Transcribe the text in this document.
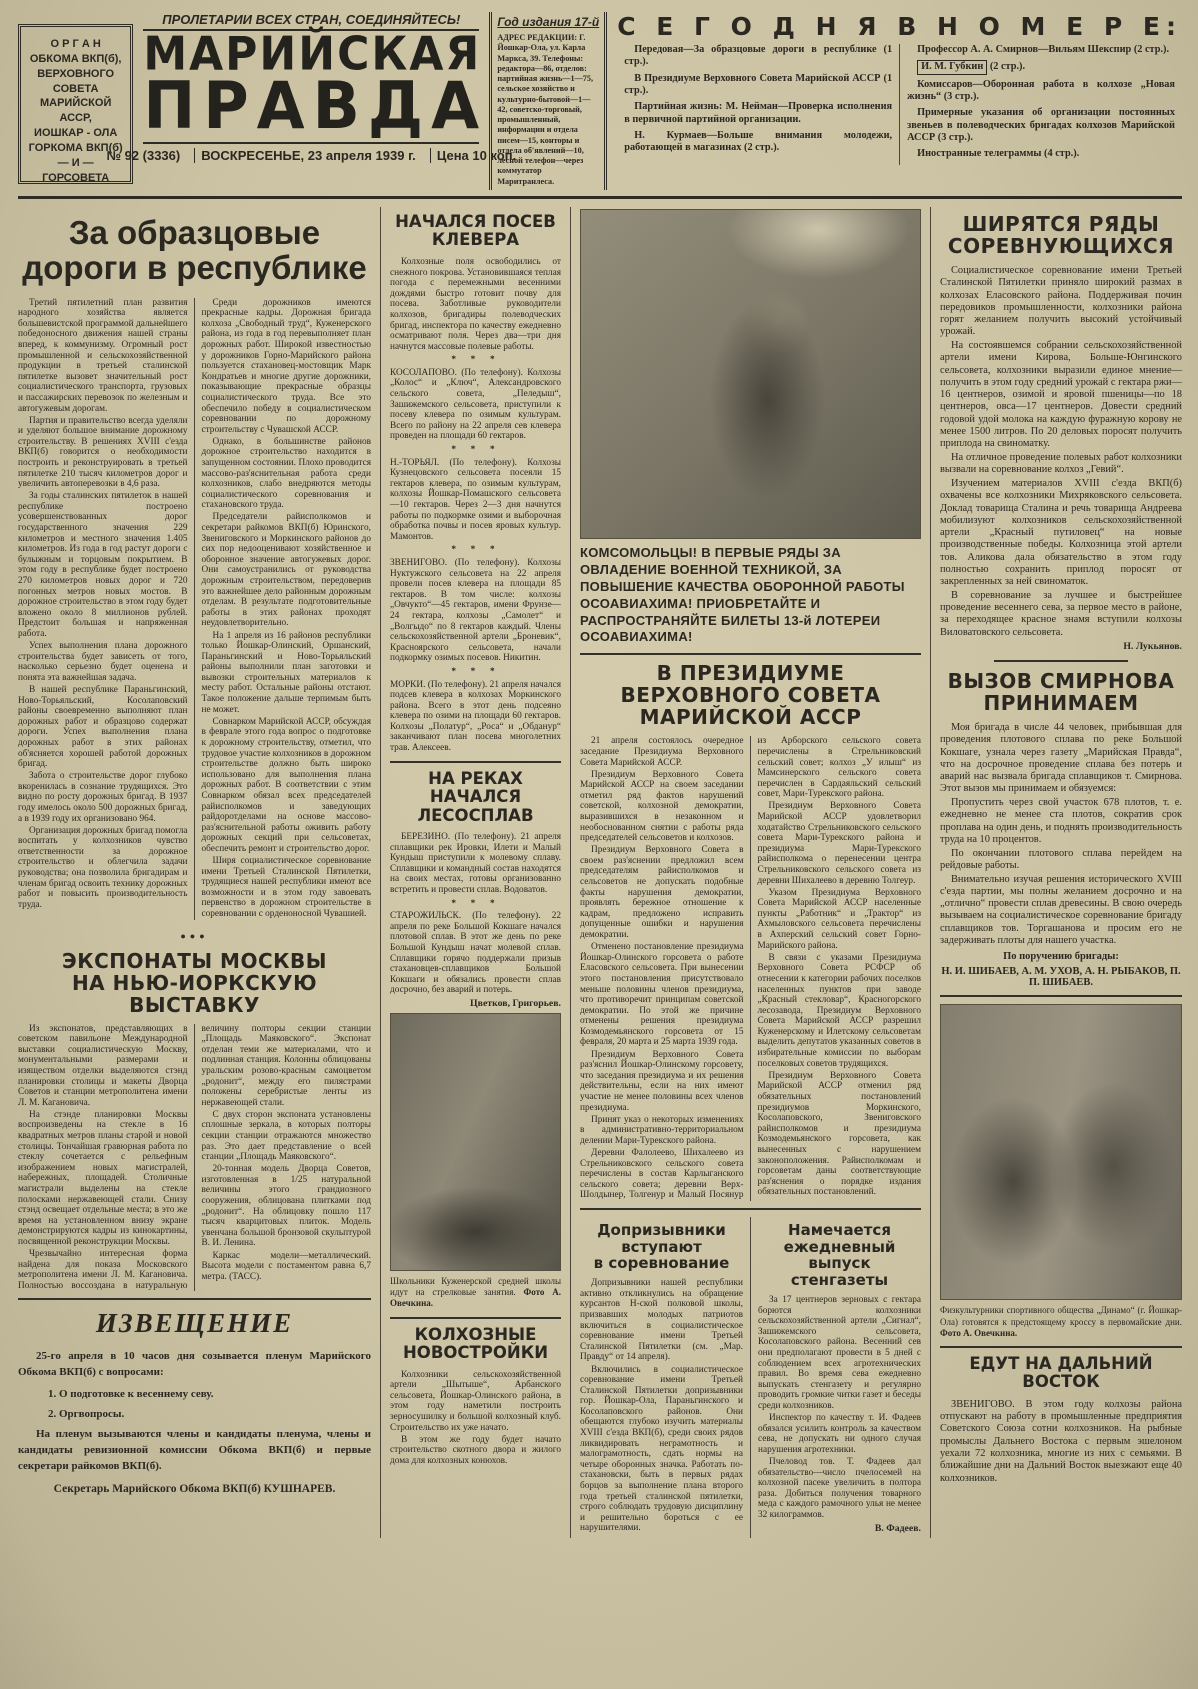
О Р Г А Н
ОБКОМА ВКП(б),
ВЕРХОВНОГО
СОВЕТА
МАРИЙСКОЙ АССР,
ИОШКАР - ОЛА
ГОРКОМА ВКП(б)
— И —
ГОРСОВЕТА
ПРОЛЕТАРИИ ВСЕХ СТРАН, СОЕДИНЯЙТЕСЬ!
МАРИЙСКАЯ
ПРАВДА
№ 92 (3336)	ВОСКРЕСЕНЬЕ, 23 апреля 1939 г.	Цена 10 коп.
Год издания 17-й
АДРЕС РЕДАКЦИИ: Г. Йошкар-Ола, ул. Карла Маркса, 39. Телефоны: редактора—86, отделов: партийная жизнь—1—75, сельское хозяйство и культурно-бытовой—1—42, советско-торговый, промышленный, информации и отдела писем—15, конторы и отдела об'явлений—10, лесной телефон—через коммутатор Маритранлеса.
С Е Г О Д Н Я В Н О М Е Р Е:

Передовая—За образцовые дороги в республике (1 стр.).

В Президиуме Верховного Совета Марийской АССР (1 стр.).

Партийная жизнь: М. Нейман—Проверка исполнения в первичной партийной организации.

Н. Курмаев—Больше внимания молодежи, работающей в магазинах (2 стр.).

Профессор А. А. Смирнов—Вильям Шекспир (2 стр.).

И. М. Губкин (2 стр.).

Комиссаров—Оборонная работа в колхозе „Новая жизнь“ (3 стр.).

Примерные указания об организации постоянных звеньев в полеводческих бригадах колхозов Марийской АССР (3 стр.).

Иностранные телеграммы (4 стр.).

За образцовые
дороги в республике

Третий пятилетний план развития народного хозяйства является большевистской программой дальнейшего победоносного движения нашей страны вперед, к коммунизму. Огромный рост промышленной и сельскохозяйственной продукции в третьей сталинской пятилетке вызовет значительный рост социалистического транспорта, грузовых и пассажирских перевозок по железным и автогужевым дорогам.

Партия и правительство всегда уделяли и уделяют большое внимание дорожному строительству. В решениях XVIII с'езда ВКП(б) говорится о необходимости построить и реконструировать в третьей пятилетке 210 тысяч километров дорог и увеличить автоперевозки в 4,6 раза.

За годы сталинских пятилеток в нашей республике построено усовершенствованных дорог государственного значения 229 километров и местного значения 1.405 километров. Из года в год растут дороги с булыжным и торцовым покрытием. В этом году в республике будет построено 270 километров новых дорог и 720 погонных метров новых мостов. В дорожное строительство в этом году будет вложено около 8 миллионов рублей. Предстоит большая и напряженная работа.

Успех выполнения плана дорожного строительства будет зависеть от того, насколько серьезно будет оценена и понята эта важнейшая задача.

В нашей республике Параньгинский, Ново-Торьяльский, Косолаповский районы своевременно выполняют план дорожных работ и образцово содержат дороги. Успех выполнения плана дорожных работ в этих районах об'ясняется хорошей работой дорожных бригад.

Забота о строительстве дорог глубоко вкоренилась в сознание трудящихся. Это видно по росту дорожных бригад. В 1937 году имелось около 500 дорожных бригад, а в 1939 году их организовано 964.

Организация дорожных бригад помогла воспитать у колхозников чувство ответственности за дорожное строительство и облегчила задачи руководства; она позволила бригадирам и членам бригад освоить технику дорожных работ и повысить производительность труда.

Среди дорожников имеются прекрасные кадры. Дорожная бригада колхоза „Свободный труд“, Куженерского района, из года в год перевыполняет план дорожных работ. Широкой известностью у дорожников Горно-Марийского района пользуется стахановец-мостовщик Марк Кондратьев и многие другие дорожники, показывающие прекрасные образцы социалистического труда. Все это обеспечило победу в социалистическом соревновании по дорожному строительству с Чувашской АССР.

Однако, в большинстве районов дорожное строительство находится в запущенном состоянии. Плохо проводится массово-раз'яснительная работа среди колхозников, слабо внедряются методы социалистического соревнования и стахановского труда.

Председатели райисполкомов и секретари райкомов ВКП(б) Юринского, Звениговского и Моркинского районов до сих пор недооценивают хозяйственное и оборонное значение автогужевых дорог. Они самоустранились от руководства дорожным строительством, передоверив это важнейшее дело районным дорожным отделам. В результате подготовительные работы в этих районах проходят неудовлетворительно.

На 1 апреля из 16 районов республики только Йошкар-Олинский, Оршанский, Параньгинский и Ново-Торьяльский районы выполнили план заготовки и вывозки строительных материалов к месту работ. Остальные районы отстают. Такое положение дальше терпимым быть не может.

Совнарком Марийской АССР, обсуждая в феврале этого года вопрос о подготовке к дорожному строительству, отметил, что трудовое участие колхозников в дорожном строительстве должно быть широко использовано для выполнения плана дорожных работ. В соответствии с этим Совнарком обязал всех председателей райисполкомов и заведующих райдоротделами на основе массово-раз'яснительной работы оживить работу дорожных секций при сельсоветах, обеспечить ремонт и строительство дорог.

Ширя социалистическое соревнование имени Третьей Сталинской Пятилетки, трудящиеся нашей республики имеют все возможности и в этом году завоевать первенство в дорожном строительстве в соревновании с орденоносной Чувашией.

●●●
ЭКСПОНАТЫ МОСКВЫ
НА НЬЮ-ИОРКСКУЮ ВЫСТАВКУ

Из экспонатов, представляющих в советском павильоне Международной выставки социалистическую Москву, монументальными размерами и изяществом отделки выделяются стэнд планировки столицы и макеты Дворца Советов и станции метрополитена имени Л. М. Кагановича.

На стэнде планировки Москвы воспроизведены на стекле в 16 квадратных метров планы старой и новой столицы. Тончайшая гравюрная работа по стеклу сочетается с рельефным изображением новых магистралей, набережных, площадей. Столичные магистрали выделены на стекле полосками нержавеющей стали. Снизу стэнд освещает отдельные места; в это же время на установленном внизу экране демонстрируются кадры из кинокартины, посвященной реконструкции Москвы.

Чрезвычайно интересная форма найдена для показа Московского метрополитена имени Л. М. Кагановича. Полностью воссоздана в натуральную величину полторы секции станции „Площадь Маяковского“. Экспонат отделан теми же материалами, что и подлинная станция. Колонны облицованы уральским розово-красным самоцветом „родонит“, между его пилястрами положены серебристые ленты из нержавеющей стали.

С двух сторон экспоната установлены сплошные зеркала, в которых полторы секции станции отражаются множество раз. Это дает представление о всей станции „Площадь Маяковского“.

20-тонная модель Дворца Советов, изготовленная в 1/25 натуральной величины этого грандиозного сооружения, облицована плитками под „родонит“. На облицовку пошло 117 тысяч кварцитовых плиток. Модель увенчана большой бронзовой скульптурой В. И. Ленина.

Каркас модели—металлический. Высота модели с постаментом равна 6,7 метра. (ТАСС).

ИЗВЕЩЕНИЕ

25-го апреля в 10 часов дня созывается пленум Марийского Обкома ВКП(б) с вопросами:

1. О подготовке к весеннему севу.

2. Оргвопросы.

На пленум вызываются члены и кандидаты пленума, члены и кандидаты ревизионной комиссии Обкома ВКП(б) и первые секретари райкомов ВКП(б).

Секретарь Марийского Обкома ВКП(б) КУШНАРЕВ.
НАЧАЛСЯ ПОСЕВ
КЛЕВЕРА

Колхозные поля освободились от снежного покрова. Установившаяся теплая погода с перемежными весенними дождями быстро готовит почву для посева. Заботливые руководители колхозов, бригадиры полеводческих бригад, инспектора по качеству ежедневно осматривают поля. Через два—три дня начнутся массовые полевые работы.

* * * КОСОЛАПОВО. (По телефону). Колхозы „Колос“ и „Ключ“, Александровского сельского совета, „Пеледыш“, Зашижемского сельсовета, приступили к посеву клевера по озимым культурам. Всего по району на 22 апреля сев клевера проведен на площади 60 гектаров.

* * * Н.-ТОРЬЯЛ. (По телефону). Колхозы Кузнецовского сельсовета посеяли 15 гектаров клевера, по озимым культурам, колхозы Йошкар-Помашского сельсовета—10 гектаров. Через 2—3 дня начнутся работы по подкормке озими и выборочная обработка почвы и посев яровых культур. Мамонтов.

* * * ЗВЕНИГОВО. (По телефону). Колхозы Нуктужского сельсовета на 22 апреля провели посев клевера на площади 85 гектаров. В том числе: колхозы „Овчукто“—45 гектаров, имени Фрунзе—24 гектара, колхозы „Самолет“ и „Волгыдо“ по 8 гектаров каждый. Члены сельскохозяйственной артели „Броневик“, Красноярского сельсовета, начали подкормку озимых посевов. Никитин.

* * * МОРКИ. (По телефону). 21 апреля начался подсев клевера в колхозах Моркинского района. Всего в этот день подсеяно клевера по озими на площади 60 гектаров. Колхозы „Полатур“, „Роса“ и „Обданур“ заканчивают план посева многолетних трав. Алексеев.

НА РЕКАХ НАЧАЛСЯ
ЛЕСОСПЛАВ

БЕРЕЗИНО. (По телефону). 21 апреля сплавщики рек Ировки, Илети и Малый Кундыш приступили к молевому сплаву. Сплавщики и командный состав находятся на своих местах, готовы организованно встретить и провести сплав. Водоватов.

* * * СТАРОЖИЛЬСК. (По телефону). 22 апреля по реке Большой Кокшаге начался плотовой сплав. В этот же день по реке Большой Кундыш начат молевой сплав. Сплавщики горячо поддержали призыв стахановцев-сплавщиков Большой Кокшаги и обязались провести сплав досрочно, без аварий и потерь.

Цветков, Григорьев.
Школьники Куженерской средней школы идут на стрелковые занятия. Фото А. Овечкина.
КОЛХОЗНЫЕ НОВОСТРОЙКИ

Колхозники сельскохозяйственной артели „Шытыше“, Арбанского сельсовета, Йошкар-Олинского района, в этом году наметили построить зерносушилку и большой колхозный клуб. Строительство их уже начато.

В этом же году будет начато строительство скотного двора и жилого дома для колхозных конюхов.

КОМСОМОЛЬЦЫ! В ПЕРВЫЕ РЯДЫ ЗА ОВЛАДЕНИЕ ВОЕННОЙ ТЕХНИКОЙ, ЗА ПОВЫШЕНИЕ КАЧЕСТВА ОБОРОННОЙ РАБОТЫ ОСОАВИАХИМА! ПРИОБРЕТАЙТЕ И РАСПРОСТРАНЯЙТЕ БИЛЕТЫ 13-й ЛОТЕРЕИ ОСОАВИАХИМА!
В ПРЕЗИДИУМЕ ВЕРХОВНОГО СОВЕТА
МАРИЙСКОЙ АССР

21 апреля состоялось очередное заседание Президиума Верховного Совета Марийской АССР.

Президиум Верховного Совета Марийской АССР на своем заседании отметил ряд фактов нарушений советской, колхозной демократии, выразившихся в незаконном и необоснованном снятии с работы ряда председателей сельсоветов и колхозов.

Президиум Верховного Совета в своем раз'яснении предложил всем председателям райисполкомов и сельсоветов не допускать подобные факты нарушения демократии, проявлять бережное отношение к кадрам, предложено исправить допущенные ошибки и нарушения демократии.

Отменено постановление президиума Йошкар-Олинского горсовета о работе Еласовского сельсовета. При вынесении этого постановления присутствовало меньше половины членов президиума, что противоречит принципам советской демократии. По этой же причине отменены решения президиума Козмодемьянского горсовета от 15 февраля, 20 марта и 25 марта 1939 года.

Президиум Верховного Совета раз'яснил Йошкар-Олинскому горсовету, что заседания президиума и их решения действительны, если на них имеют участие не менее половины всех членов президиума.

Принят указ о некоторых изменениях в административно-территориальном делении Мари-Турекского района.

Деревни Фалолеево, Шихалеево из Стрельниковского сельского совета перечислены в состав Карлыганского сельского совета; деревни Верх-Шолдынер, Толгенур и Малый Посянур из Арборского сельского совета перечислены в Стрельниковский сельский совет; колхоз „У илыш“ из Мамсинерского сельского совета перечислен в Сардаяльский сельский совет, Мари-Турекского района.

Президиум Верховного Совета Марийской АССР удовлетворил ходатайство Стрельниковского сельского совета Мари-Турекского района и президиума Мари-Турекского райисполкома о перенесении центра Стрельниковского сельского совета из деревни Шихалеево в деревню Толгеур.

Указом Президиума Верховного Совета Марийской АССР населенные пункты „Работник“ и „Трактор“ из Ахмыловского сельсовета перечислены в Ахперский сельский совет Горно-Марийского района.

В связи с указами Президиума Верховного Совета РСФСР об отнесении к категории рабочих поселков населенных пунктов при заводе „Красный стекловар“, Красногорского лесозавода, Президиум Верховного Совета Марийской АССР разрешил Куженерскому и Илетскому сельсоветам выделить депутатов указанных советов в избирательные комиссии по выборам поселковых советов трудящихся.

Президиум Верховного Совета Марийской АССР отменил ряд обязательных постановлений президиумов Моркинского, Косолаповского, Звениговского райисполкомов и президиума Козмодемьянского горсовета, как вынесенных с нарушением законоположения. Райисполкомам и горсоветам даны соответствующие раз'яснения о порядке издания обязательных постановлений.

Допризывники вступают
в соревнование

Допризывники нашей республики активно откликнулись на обращение курсантов Н-ской полковой школы, призвавших молодых патриотов включиться в социалистическое соревнование имени Третьей Сталинской Пятилетки (см. „Мар. Правду“ от 14 апреля).

Включились в социалистическое соревнование имени Третьей Сталинской Пятилетки допризывники гор. Йошкар-Ола, Параньгинского и Косолаповского районов. Они обещаются глубоко изучить материалы XVIII с'езда ВКП(б), среди своих рядов ликвидировать неграмотность и малограмотность, сдать нормы на четыре оборонных значка. Работать по-стахановски, быть в первых рядах борцов за выполнение плана второго года третьей сталинской пятилетки, строго соблюдать трудовую дисциплину и решительно бороться с ее нарушителями.

Намечается ежедневный
выпуск стенгазеты

За 17 центнеров зерновых с гектара борются колхозники сельскохозяйственной артели „Сигнал“, Зашижемского сельсовета, Косолаповского района. Весенний сев они предполагают провести в 5 дней с соблюдением всех агротехнических правил. Во время сева ежедневно выпускать стенгазету и регулярно проводить громкие читки газет и беседы среди колхозников.

Инспектор по качеству т. И. Фадеев обязался усилить контроль за качеством сева, не допускать ни одного случая нарушения агротехники.

Пчеловод тов. Т. Фадеев дал обязательство—число пчелосемей на колхозной пасеке увеличить в полтора раза. Добиться получения товарного меда с каждого рамочного улья не менее 32 килограммов.

В. Фадеев.
ШИРЯТСЯ РЯДЫ
СОРЕВНУЮЩИХСЯ

Социалистическое соревнование имени Третьей Сталинской Пятилетки приняло широкий размах в колхозах Еласовского района. Поддерживая почин передовиков промышленности, колхозники района горят желанием получить высокий устойчивый урожай.

На состоявшемся собрании сельскохозяйственной артели имени Кирова, Больше-Юнгинского сельсовета, колхозники выразили единое мнение—получить в этом году средний урожай с гектара ржи—16 центнеров, озимой и яровой пшеницы—по 18 центнеров, овса—17 центнеров. Довести средний годовой удой молока на каждую фуражную корову не менее 1500 литров. По 20 деловых поросят получить приплода на свиноматку.

На отличное проведение полевых работ колхозники вызвали на соревнование колхоз „Гевий“.

Изучением материалов XVIII с'езда ВКП(б) охвачены все колхозники Михряковского сельсовета. Доклад товарища Сталина и речь товарища Андреева мобилизуют колхозников сельскохозяйственной артели „Красный путиловец“ на новые производственные победы. Колхозница этой артели тов. Аликова дала обязательство в этом году полностью сохранить приплод поросят от закрепленных за ней свиноматок.

В соревнование за лучшее и быстрейшее проведение весеннего сева, за первое место в районе, за переходящее красное знамя вступили колхозы Виловатовского сельсовета.

Н. Лукьянов.
ВЫЗОВ СМИРНОВА
ПРИНИМАЕМ

Моя бригада в числе 44 человек, прибывшая для проведения плотового сплава по реке Большой Кокшаге, узнала через газету „Марийская Правда“, что на досрочное проведение сплава без потерь и аварий нас вызвала бригада сплавщиков т. Смирнова. Этот вызов мы принимаем и обязуемся:

Пропустить через свой участок 678 плотов, т. е. ежедневно не менее ста плотов, сократив срок проплава на один день, и поднять производительность труда на 10 процентов.

По окончании плотового сплава перейдем на рейдовые работы.

Внимательно изучая решения исторического XVIII с'езда партии, мы полны желанием досрочно и на „отлично“ провести сплав древесины. В свою очередь вызываем на социалистическое соревнование бригаду сплавщиков тов. Торгашанова и просим его не задерживать плоты для нашего участка.

По поручению бригады:
Н. И. ШИБАЕВ, А. М. УХОВ, А. Н. РЫБАКОВ, П. П. ШИБАЕВ.
Физкультурники спортивного общества „Динамо“ (г. Йошкар-Ола) готовятся к предстоящему кроссу в первомайские дни. Фото А. Овечкина.
ЕДУТ НА ДАЛЬНИЙ ВОСТОК

ЗВЕНИГОВО. В этом году колхозы района отпускают на работу в промышленные предприятия Советского Союза сотни колхозников. На рыбные промыслы Дальнего Востока с первым эшелоном уехали 72 колхозника, многие из них с семьями. В ближайшие дни на Дальний Восток выезжают еще 40 колхозников.
